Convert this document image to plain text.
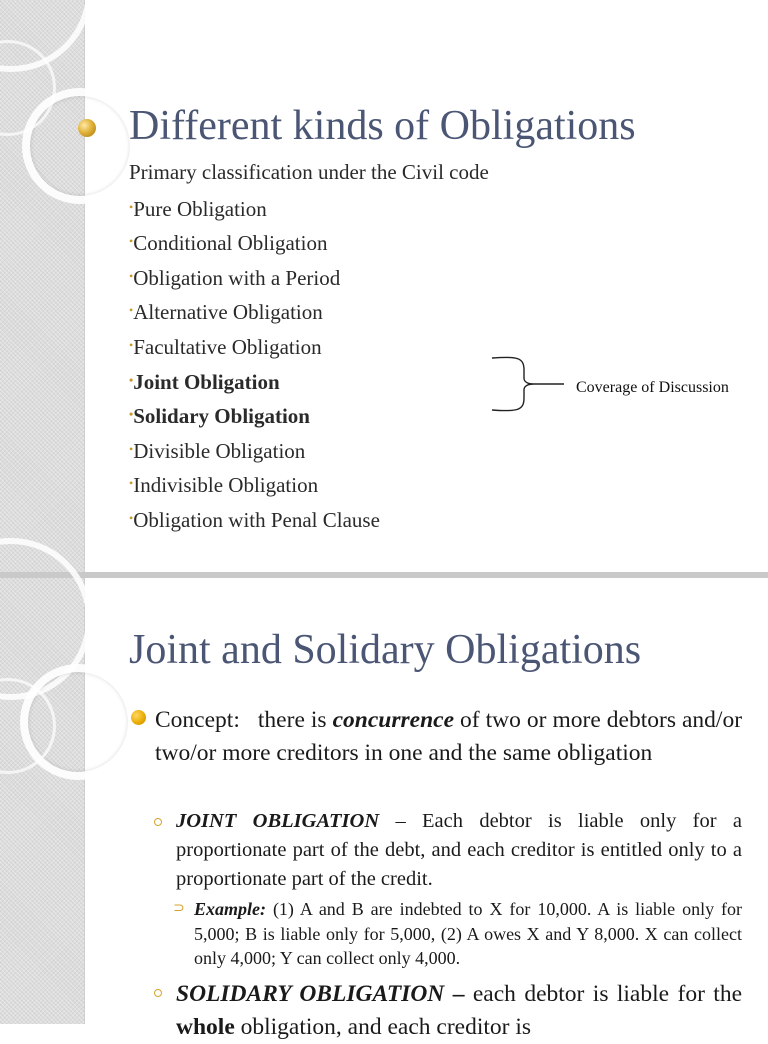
Different kinds of Obligations
Primary classification under the Civil code
•Pure Obligation
•Conditional Obligation
•Obligation with a Period
•Alternative Obligation
•Facultative Obligation
•Joint Obligation
•Solidary Obligation
•Divisible Obligation
•Indivisible Obligation
•Obligation with Penal Clause
Coverage of Discussion
Joint and Solidary Obligations

Concept: there is concurrence of two or more debtors and/or two/or more creditors in one and the same obligation

JOINT OBLIGATION – Each debtor is liable only for a proportionate part of the debt, and each creditor is entitled only to a proportionate part of the credit.

⊃ Example: (1) A and B are indebted to X for 10,000. A is liable only for 5,000; B is liable only for 5,000, (2) A owes X and Y 8,000. X can collect only 4,000; Y can collect only 4,000.

SOLIDARY OBLIGATION – each debtor is liable for the whole obligation, and each creditor is
